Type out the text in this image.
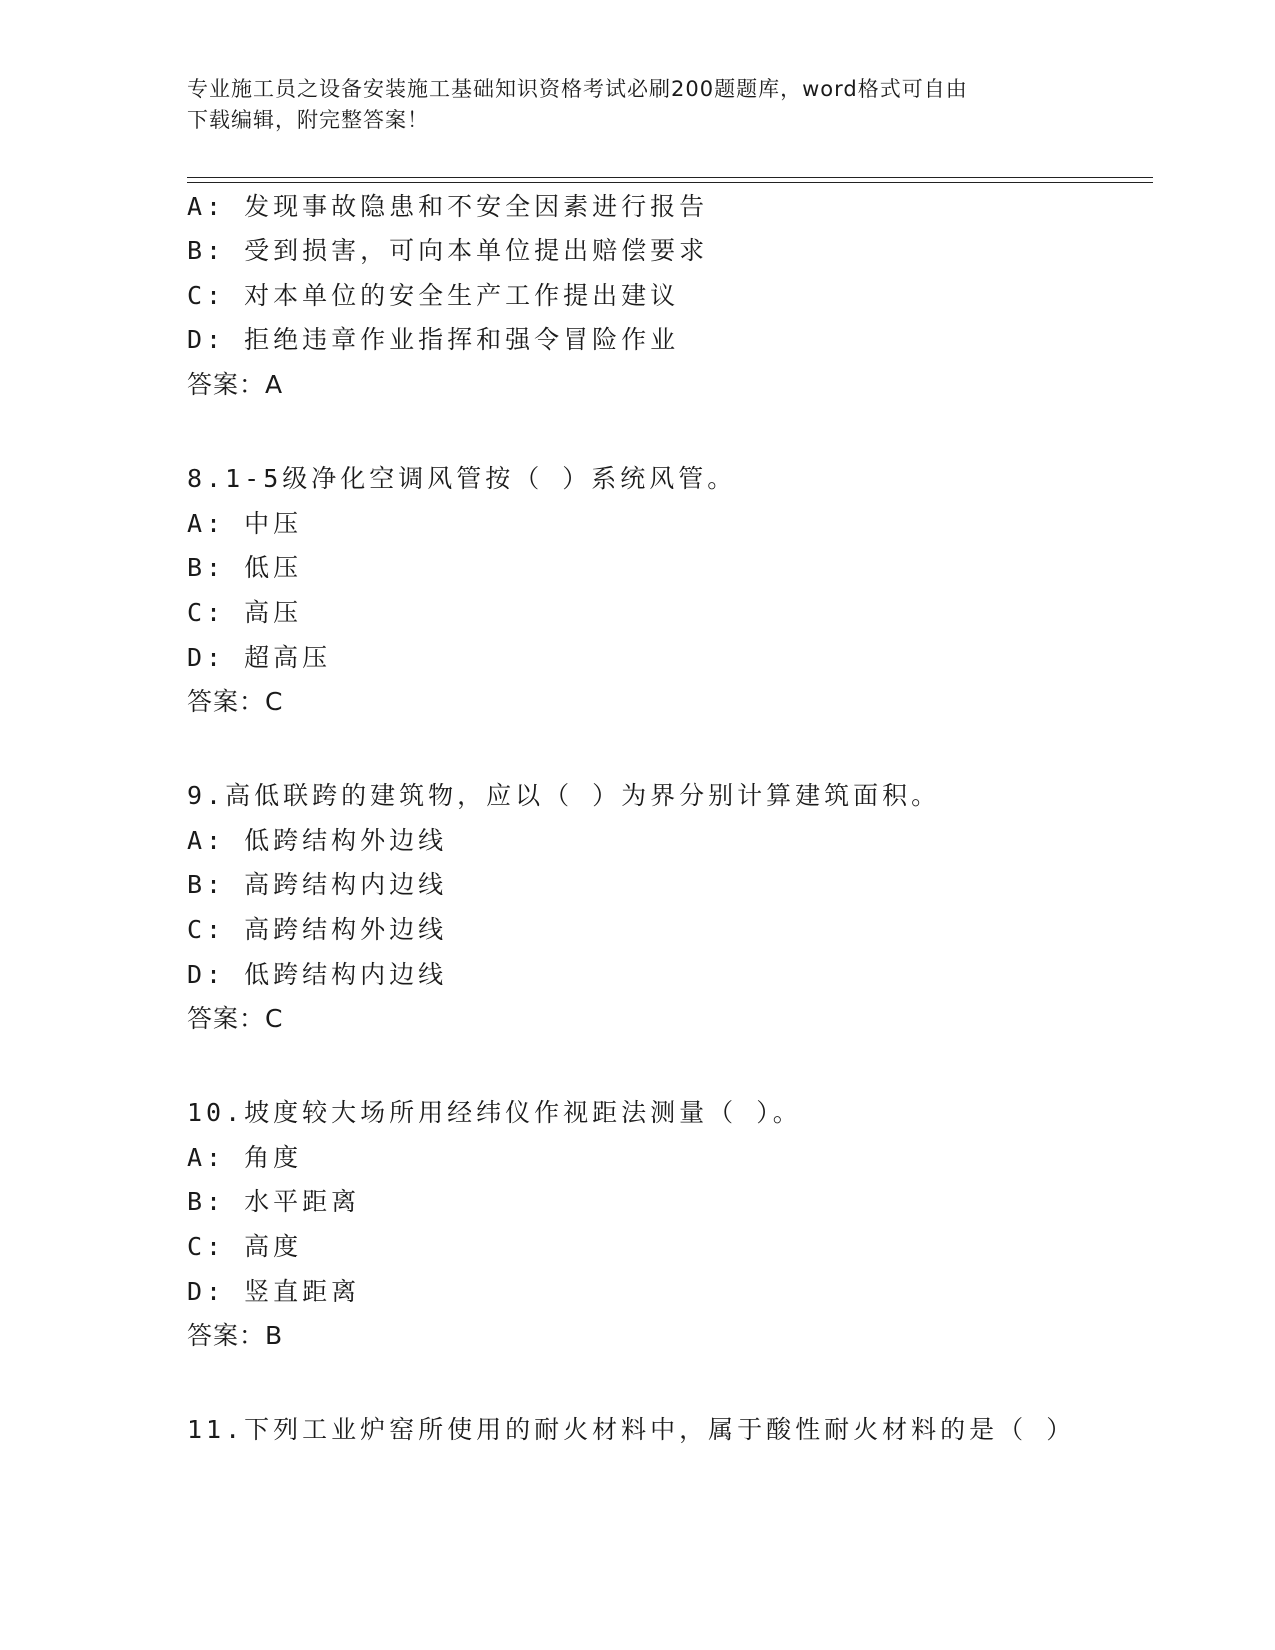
专业施工员之设备安装施工基础知识资格考试必刷200题题库，word格式可自由
下载编辑，附完整答案！
A: 发现事故隐患和不安全因素进行报告
B: 受到损害，可向本单位提出赔偿要求
C: 对本单位的安全生产工作提出建议
D: 拒绝违章作业指挥和强令冒险作业
答案：A
8.1-5级净化空调风管按（ ）系统风管。
A: 中压
B: 低压
C: 高压
D: 超高压
答案：C
9.高低联跨的建筑物，应以（ ）为界分别计算建筑面积。
A: 低跨结构外边线
B: 高跨结构内边线
C: 高跨结构外边线
D: 低跨结构内边线
答案：C
10.坡度较大场所用经纬仪作视距法测量（ ）。
A: 角度
B: 水平距离
C: 高度
D: 竖直距离
答案：B
11.下列工业炉窑所使用的耐火材料中，属于酸性耐火材料的是（ ）
